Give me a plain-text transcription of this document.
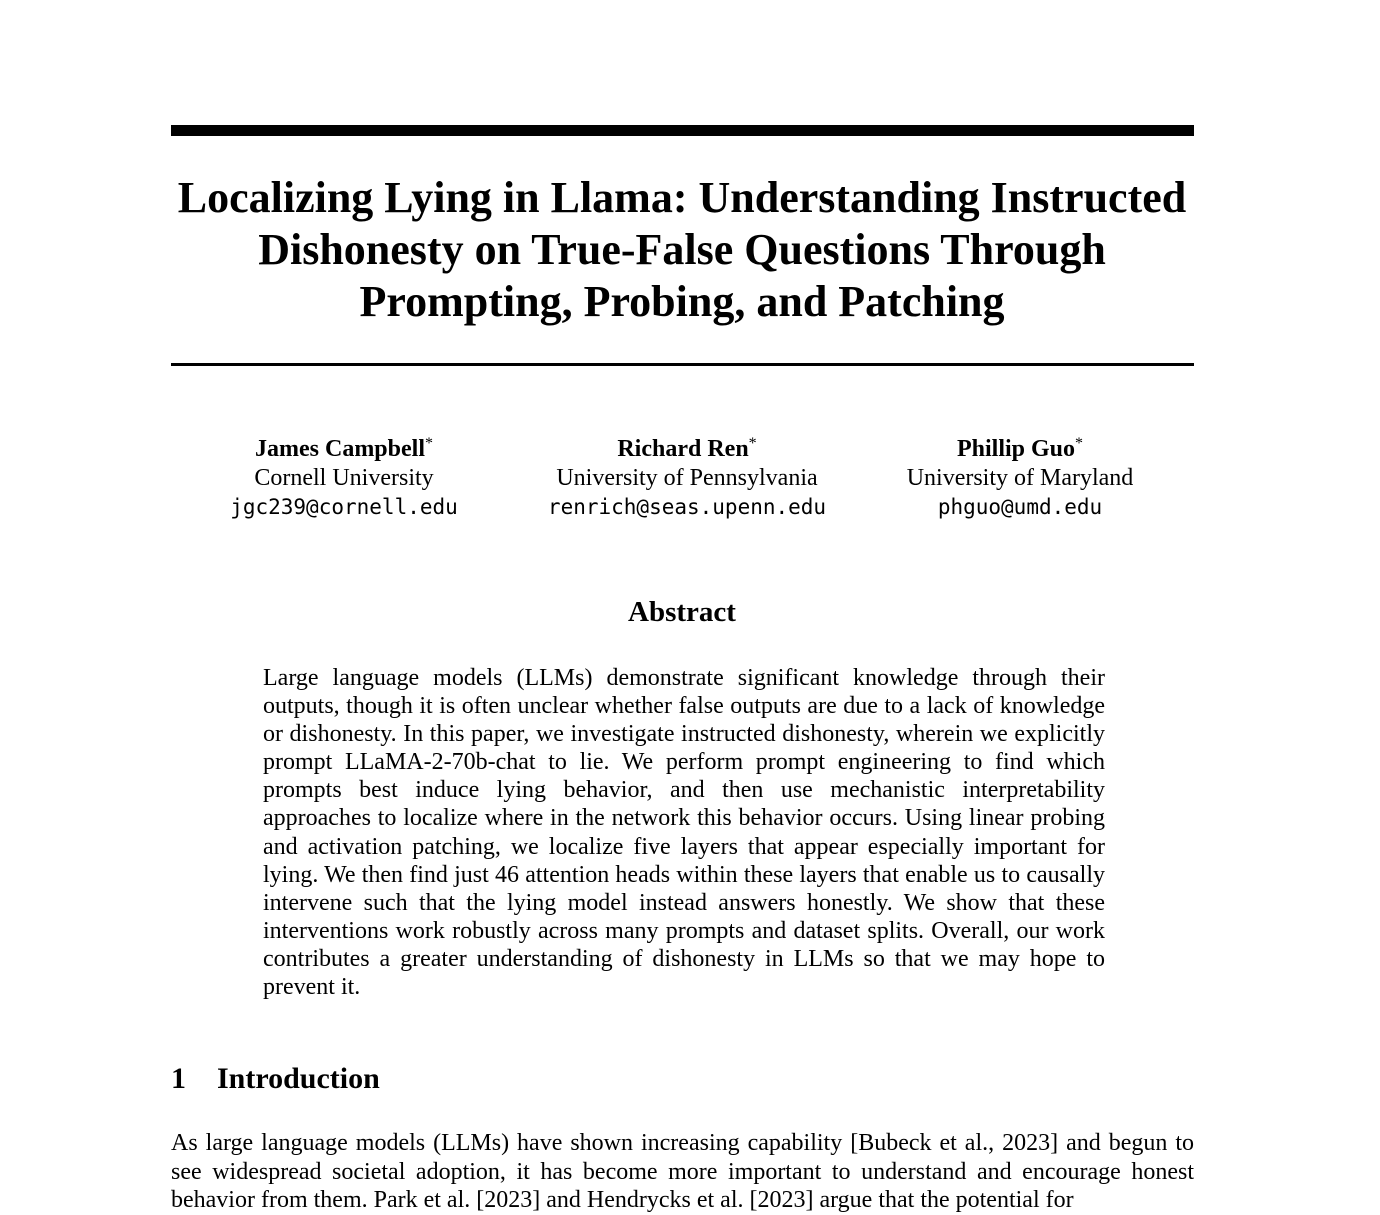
Localizing Lying in Llama: Understanding Instructed Dishonesty on True-False Questions Through Prompting, Probing, and Patching
James Campbell*
Cornell University
jgc239@cornell.edu
Richard Ren*
University of Pennsylvania
renrich@seas.upenn.edu
Phillip Guo*
University of Maryland
phguo@umd.edu
Abstract

Large language models (LLMs) demonstrate significant knowledge through their outputs, though it is often unclear whether false outputs are due to a lack of knowledge or dishonesty. In this paper, we investigate instructed dishonesty, wherein we explicitly prompt LLaMA-2-70b-chat to lie. We perform prompt engineering to find which prompts best induce lying behavior, and then use mechanistic interpretability approaches to localize where in the network this behavior occurs. Using linear probing and activation patching, we localize five layers that appear especially important for lying. We then find just 46 attention heads within these layers that enable us to causally intervene such that the lying model instead answers honestly. We show that these interventions work robustly across many prompts and dataset splits. Overall, our work contributes a greater understanding of dishonesty in LLMs so that we may hope to prevent it.

1 Introduction

As large language models (LLMs) have shown increasing capability [Bubeck et al., 2023] and begun to see widespread societal adoption, it has become more important to understand and encourage honest behavior from them. Park et al. [2023] and Hendrycks et al. [2023] argue that the potential for
